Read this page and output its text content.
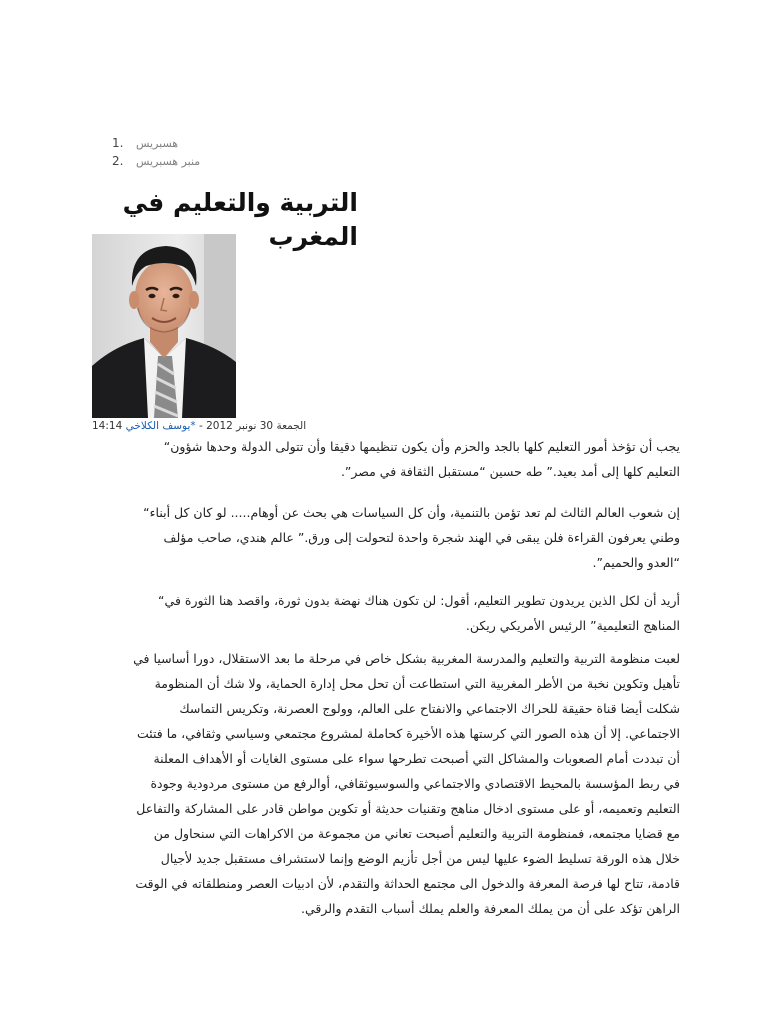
1.	هسبريس
2.	منبر هسبريس
التربية والتعليم في المغرب
14:14	الجمعة 30 نونبر 2012 - *يوسف الكلاخي

يجب أن تؤخذ أمور التعليم كلها بالجد والحزم وأن يكون تنظيمها دقيقا وأن تتولى الدولة وحدها شؤون“
التعليم كلها إلى أمد بعيد.” طه حسين “مستقبل الثقافة في مصر”.

إن شعوب العالم الثالث لم تعد تؤمن بالتنمية، وأن كل السياسات هي بحث عن أوهام..... لو كان كل أبناء“
وطني يعرفون القراءة فلن يبقى في الهند شجرة واحدة لتحولت إلى ورق.” عالم هندي، صاحب مؤلف
“العدو والحميم”.

أريد أن لكل الذين يريدون تطوير التعليم، أقول: لن تكون هناك نهضة بدون ثورة، واقصد هنا الثورة في“
المناهج التعليمية” الرئيس الأمريكي ريكن.

لعبت منظومة التربية والتعليم والمدرسة المغربية بشكل خاص في مرحلة ما بعد الاستقلال، دورا أساسيا في
تأهيل وتكوين نخبة من الأطر المغربية التي استطاعت أن تحل محل إدارة الحماية، ولا شك أن المنظومة
شكلت أيضا قناة حقيقة للحراك الاجتماعي والانفتاح على العالم، وولوج العصرنة، وتكريس التماسك
الاجتماعي. إلا أن هذه الصور التي كرستها هذه الأخيرة كحاملة لمشروع مجتمعي وسياسي وثقافي، ما فتئت
أن تبددت أمام الصعوبات والمشاكل التي أصبحت تطرحها سواء على مستوى الغايات أو الأهداف المعلنة
في ربط المؤسسة بالمحيط الاقتصادي والاجتماعي والسوسيوثقافي، أوالرفع من مستوى مردودية وجودة
التعليم وتعميمه، أو على مستوى ادخال مناهج وتقنيات حديثة أو تكوين مواطن قادر على المشاركة والتفاعل
مع قضايا مجتمعه، فمنظومة التربية والتعليم أصبحت تعاني من مجموعة من الاكراهات التي سنحاول من
خلال هذه الورقة تسليط الضوء عليها ليس من أجل تأزيم الوضع وإنما لاستشراف مستقبل جديد لأجيال
قادمة، تتاح لها فرصة المعرفة والدخول الى مجتمع الحداثة والتقدم، لأن ادبيات العصر ومنطلقاته في الوقت
الراهن تؤكد على أن من يملك المعرفة والعلم يملك أسباب التقدم والرقي.
